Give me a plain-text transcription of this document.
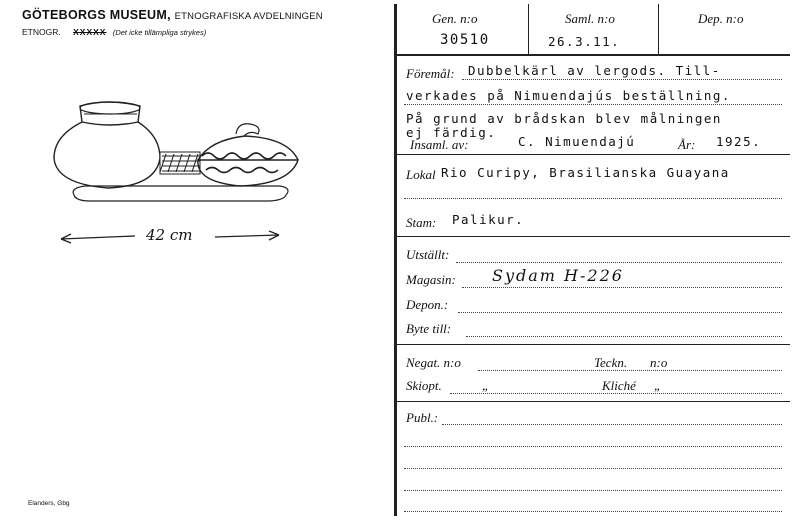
GÖTEBORGS MUSEUM, ETNOGRAFISKA AVDELNINGEN
ETNOGR. XXXXX (Det icke tillämpliga strykes)
42 cm
Elanders, Gbg
Gen. n:o
30510
Saml. n:o
26.3.11.
Dep. n:o
Föremål: Dubbelkärl av lergods. Till-
verkades på Nimuendajús beställning.
På grund av brådskan blev målningen
ej färdig.
Insaml. av:	C. Nimuendajú	År: 1925.
Lokal Rio Curipy, Brasilianska Guayana
Stam: Palikur.
Utställt:
Magasin: Sydam H-226
Depon.:
Byte till:
Negat. n:o	Teckn. n:o
Skiopt.	„	Kliché „
Publ.:
